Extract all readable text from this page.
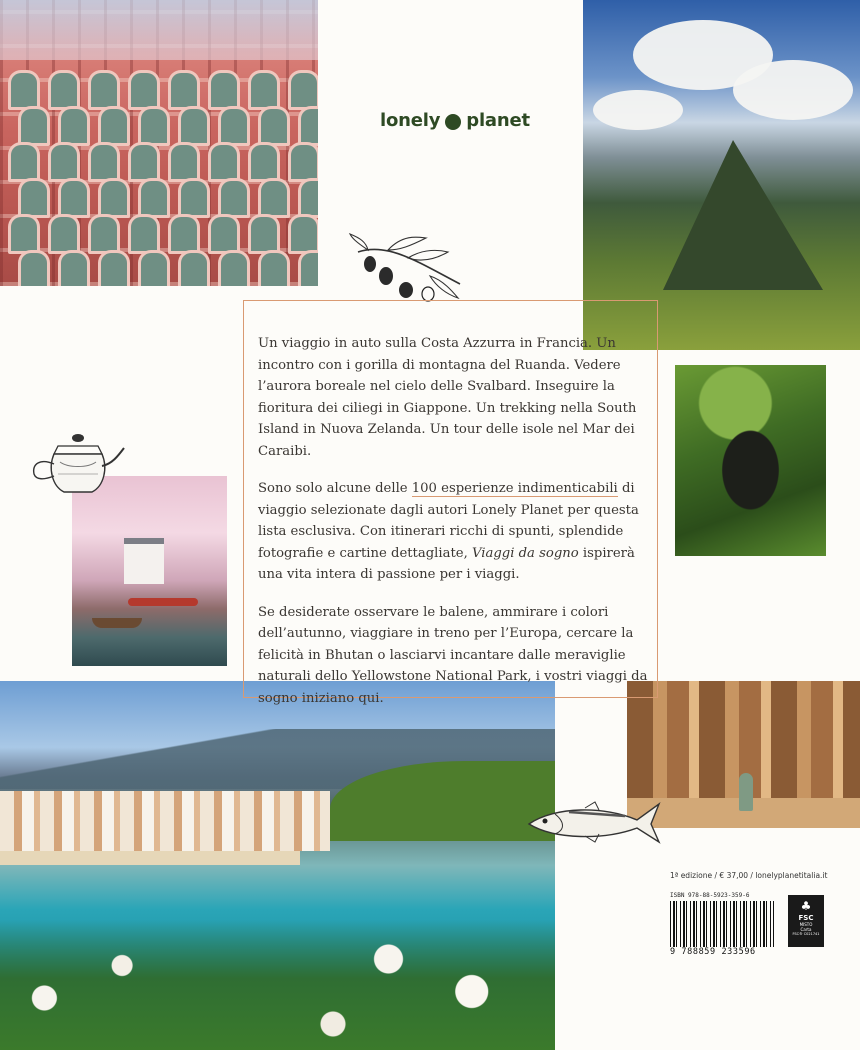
lonely planet

Un viaggio in auto sulla Costa Azzurra in Francia. Un incontro con i gorilla di montagna del Ruanda. Vedere l’aurora boreale nel cielo delle Svalbard. Inseguire la fioritura dei ciliegi in Giappone. Un trekking nella South Island in Nuova Zelanda. Un tour delle isole nel Mar dei Caraibi.

Sono solo alcune delle 100 esperienze indimenticabili di viaggio selezionate dagli autori Lonely Planet per questa lista esclusiva. Con itinerari ricchi di spunti, splendide fotografie e cartine dettagliate, Viaggi da sogno ispirerà una vita intera di passione per i viaggi.

Se desiderate osservare le balene, ammirare i colori dell’autunno, viaggiare in treno per l’Europa, cercare la felicità in Bhutan o lasciarvi incantare dalle meraviglie naturali dello Yellowstone National Park, i vostri viaggi da sogno iniziano qui.

1ª edizione / € 37,00 / lonelyplanetitalia.it
ISBN 978-88-5923-359-6
9 788859 233596
♣
FSC
MISTO
Carta
FSC® C021741
